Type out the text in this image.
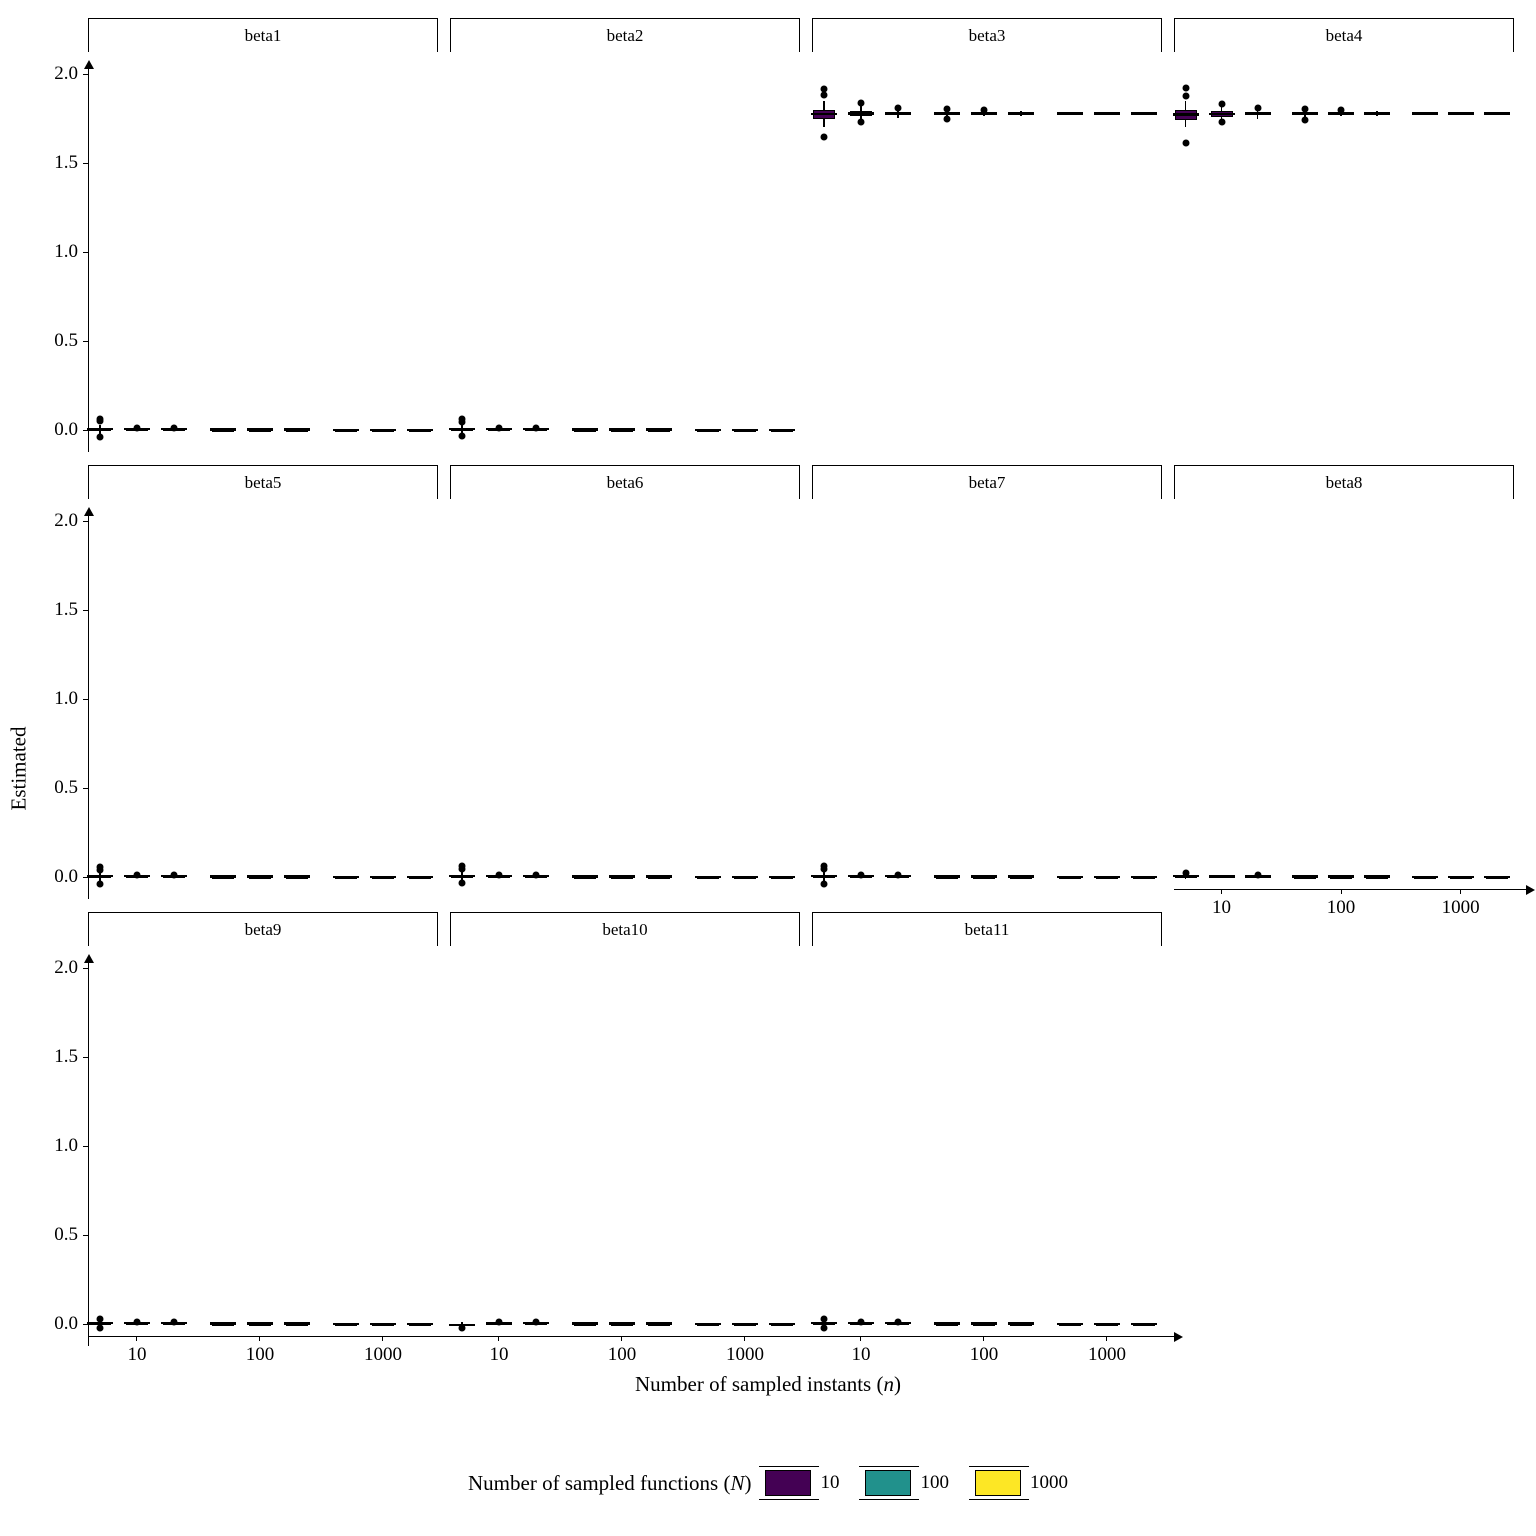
Estimated
beta1
0.0
0.5
1.0
1.5
2.0
beta2	beta3	beta4
beta5
0.0
0.5
1.0
1.5
2.0
beta6	beta7	beta8
10	100	1000
beta9
0.0
0.5
1.0
1.5
2.0
10	100	1000
beta10
10	100	1000
beta11
10	100	1000
Number of sampled instants (n)
Number of sampled functions (N)	10	100	1000
